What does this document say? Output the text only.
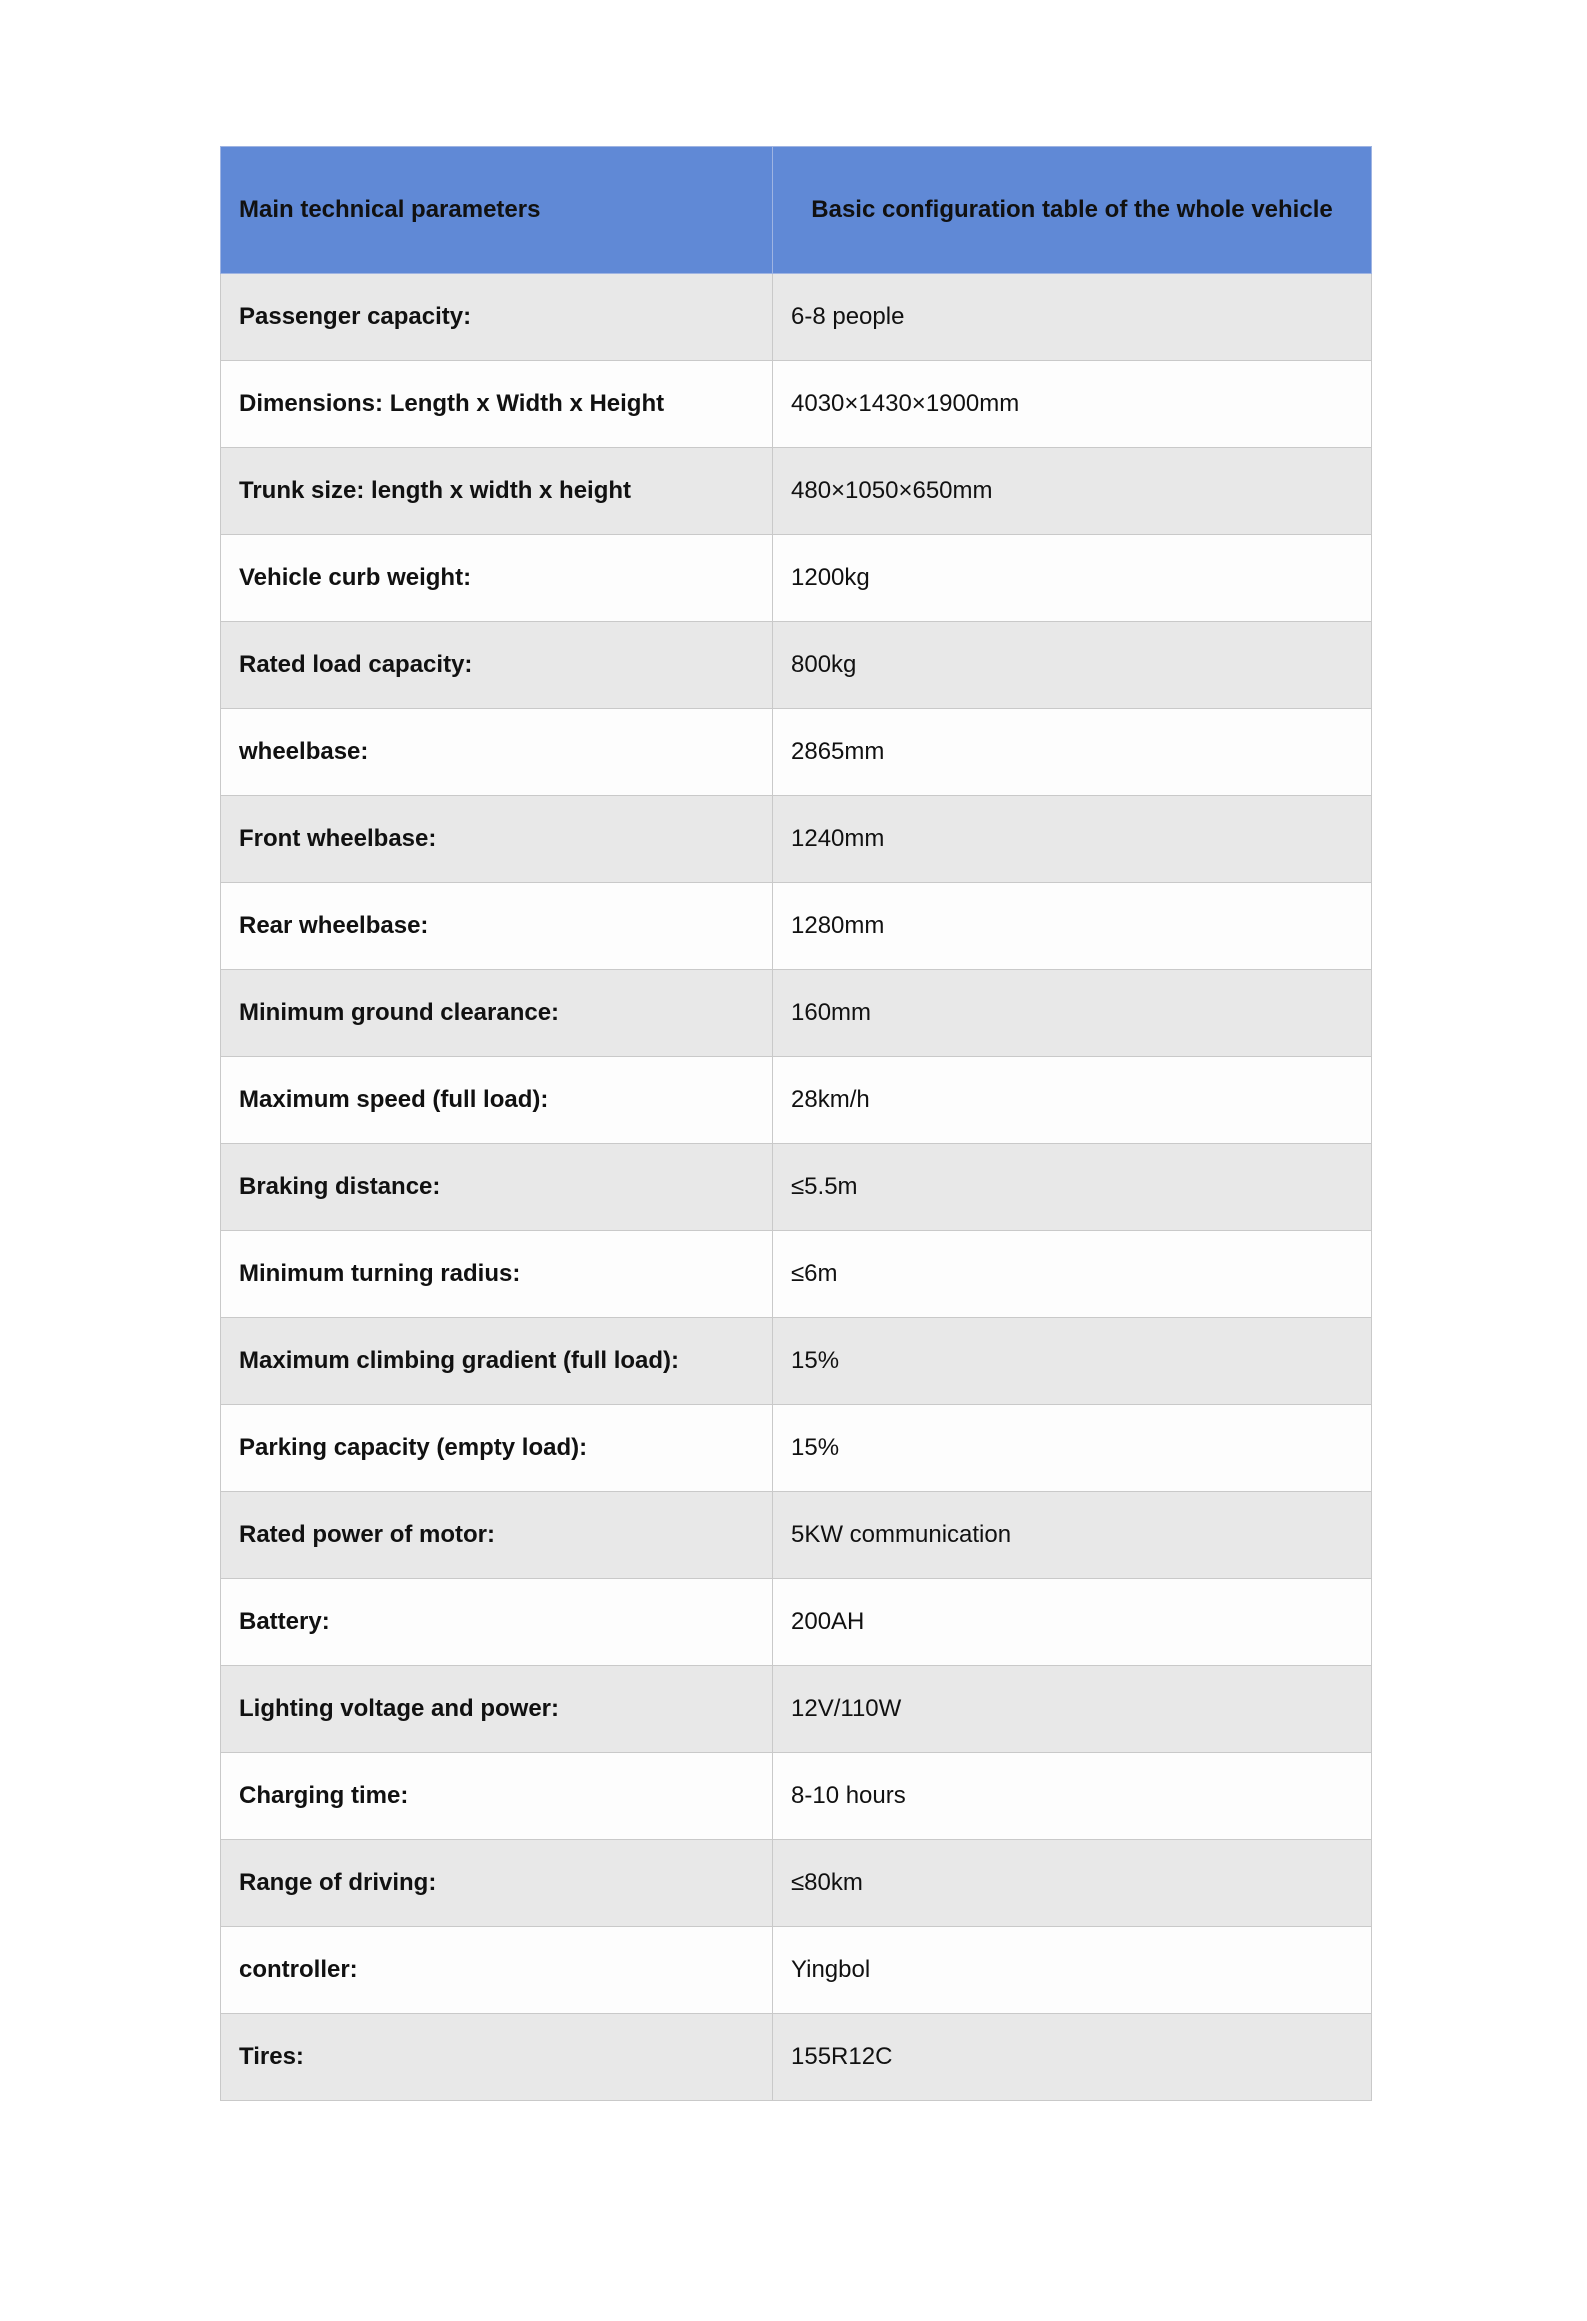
Main technical parameters	Basic configuration table of the whole vehicle
Passenger capacity:	6-8 people
Dimensions: Length x Width x Height	4030×1430×1900mm
Trunk size: length x width x height	480×1050×650mm
Vehicle curb weight:	1200kg
Rated load capacity:	800kg
wheelbase:	2865mm
Front wheelbase:	1240mm
Rear wheelbase:	1280mm
Minimum ground clearance:	160mm
Maximum speed (full load):	28km/h
Braking distance:	≤5.5m
Minimum turning radius:	≤6m
Maximum climbing gradient (full load):	15%
Parking capacity (empty load):	15%
Rated power of motor:	5KW communication
Battery:	200AH
Lighting voltage and power:	12V/110W
Charging time:	8-10 hours
Range of driving:	≤80km
controller:	Yingbol
Tires:	155R12C
